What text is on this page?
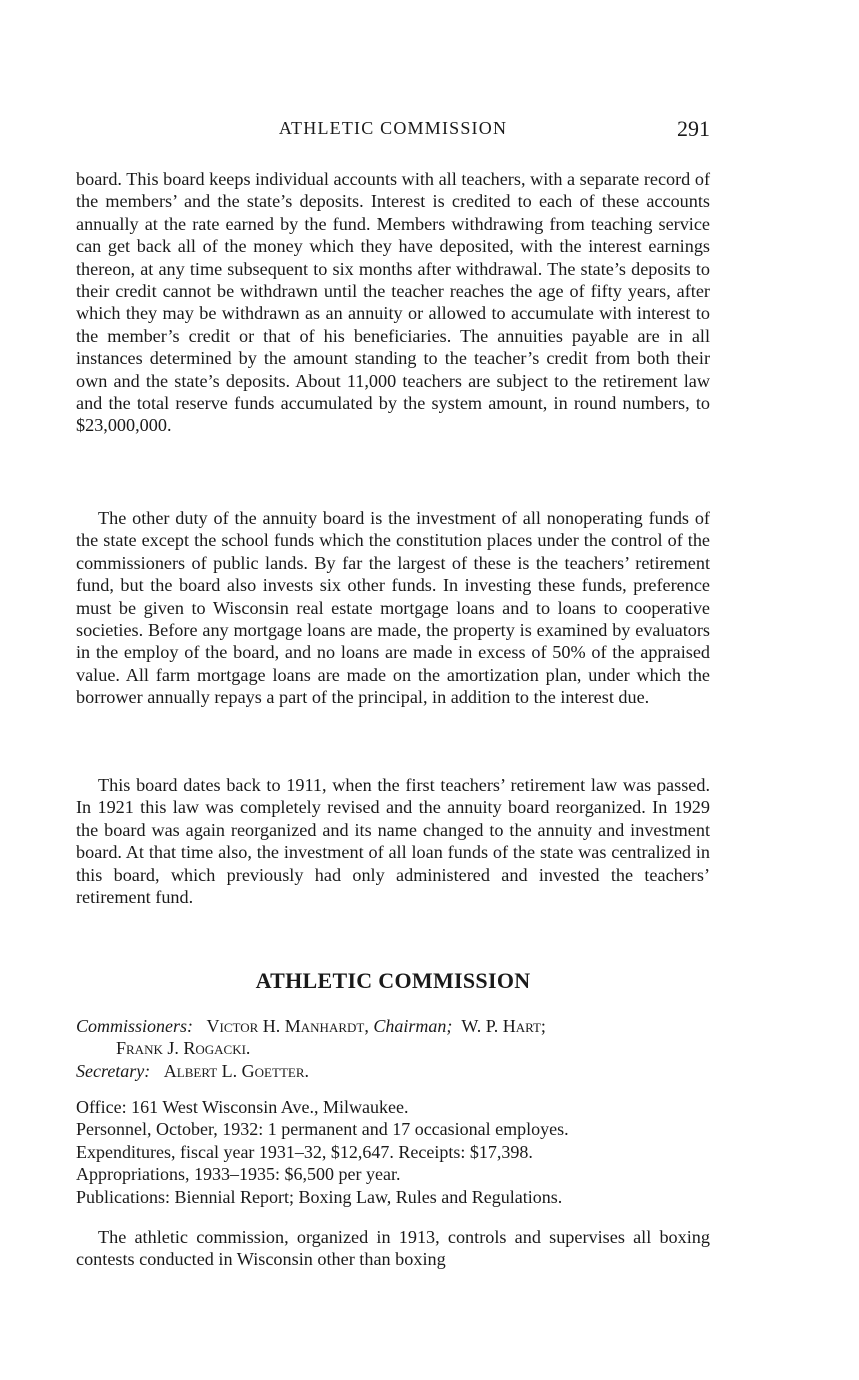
ATHLETIC COMMISSION	291

board. This board keeps individual accounts with all teachers, with a separate record of the members’ and the state’s deposits. Interest is credited to each of these accounts annually at the rate earned by the fund. Members withdrawing from teaching service can get back all of the money which they have deposited, with the interest earnings thereon, at any time subsequent to six months after withdrawal. The state’s deposits to their credit cannot be withdrawn until the teacher reaches the age of fifty years, after which they may be withdrawn as an annuity or allowed to accumulate with interest to the member’s credit or that of his beneficiaries. The annuities payable are in all instances determined by the amount standing to the teacher’s credit from both their own and the state’s deposits. About 11,000 teachers are subject to the retirement law and the total reserve funds accumulated by the system amount, in round numbers, to $23,000,000.

The other duty of the annuity board is the investment of all nonoperating funds of the state except the school funds which the constitution places under the control of the commissioners of public lands. By far the largest of these is the teachers’ retirement fund, but the board also invests six other funds. In investing these funds, preference must be given to Wisconsin real estate mortgage loans and to loans to cooperative societies. Before any mortgage loans are made, the property is examined by evaluators in the employ of the board, and no loans are made in excess of 50% of the appraised value. All farm mortgage loans are made on the amortization plan, under which the borrower annually repays a part of the principal, in addition to the interest due.

This board dates back to 1911, when the first teachers’ retirement law was passed. In 1921 this law was completely revised and the annuity board reorganized. In 1929 the board was again reorganized and its name changed to the annuity and investment board. At that time also, the investment of all loan funds of the state was centralized in this board, which previously had only administered and invested the teachers’ retirement fund.

ATHLETIC COMMISSION
Commissioners: Victor H. Manhardt, Chairman; W. P. Hart;
Frank J. Rogacki.
Secretary: Albert L. Goetter.
Office: 161 West Wisconsin Ave., Milwaukee.
Personnel, October, 1932: 1 permanent and 17 occasional employes.
Expenditures, fiscal year 1931–32, $12,647. Receipts: $17,398.
Appropriations, 1933–1935: $6,500 per year.
Publications: Biennial Report; Boxing Law, Rules and Regulations.

The athletic commission, organized in 1913, controls and supervises all boxing contests conducted in Wisconsin other than boxing
